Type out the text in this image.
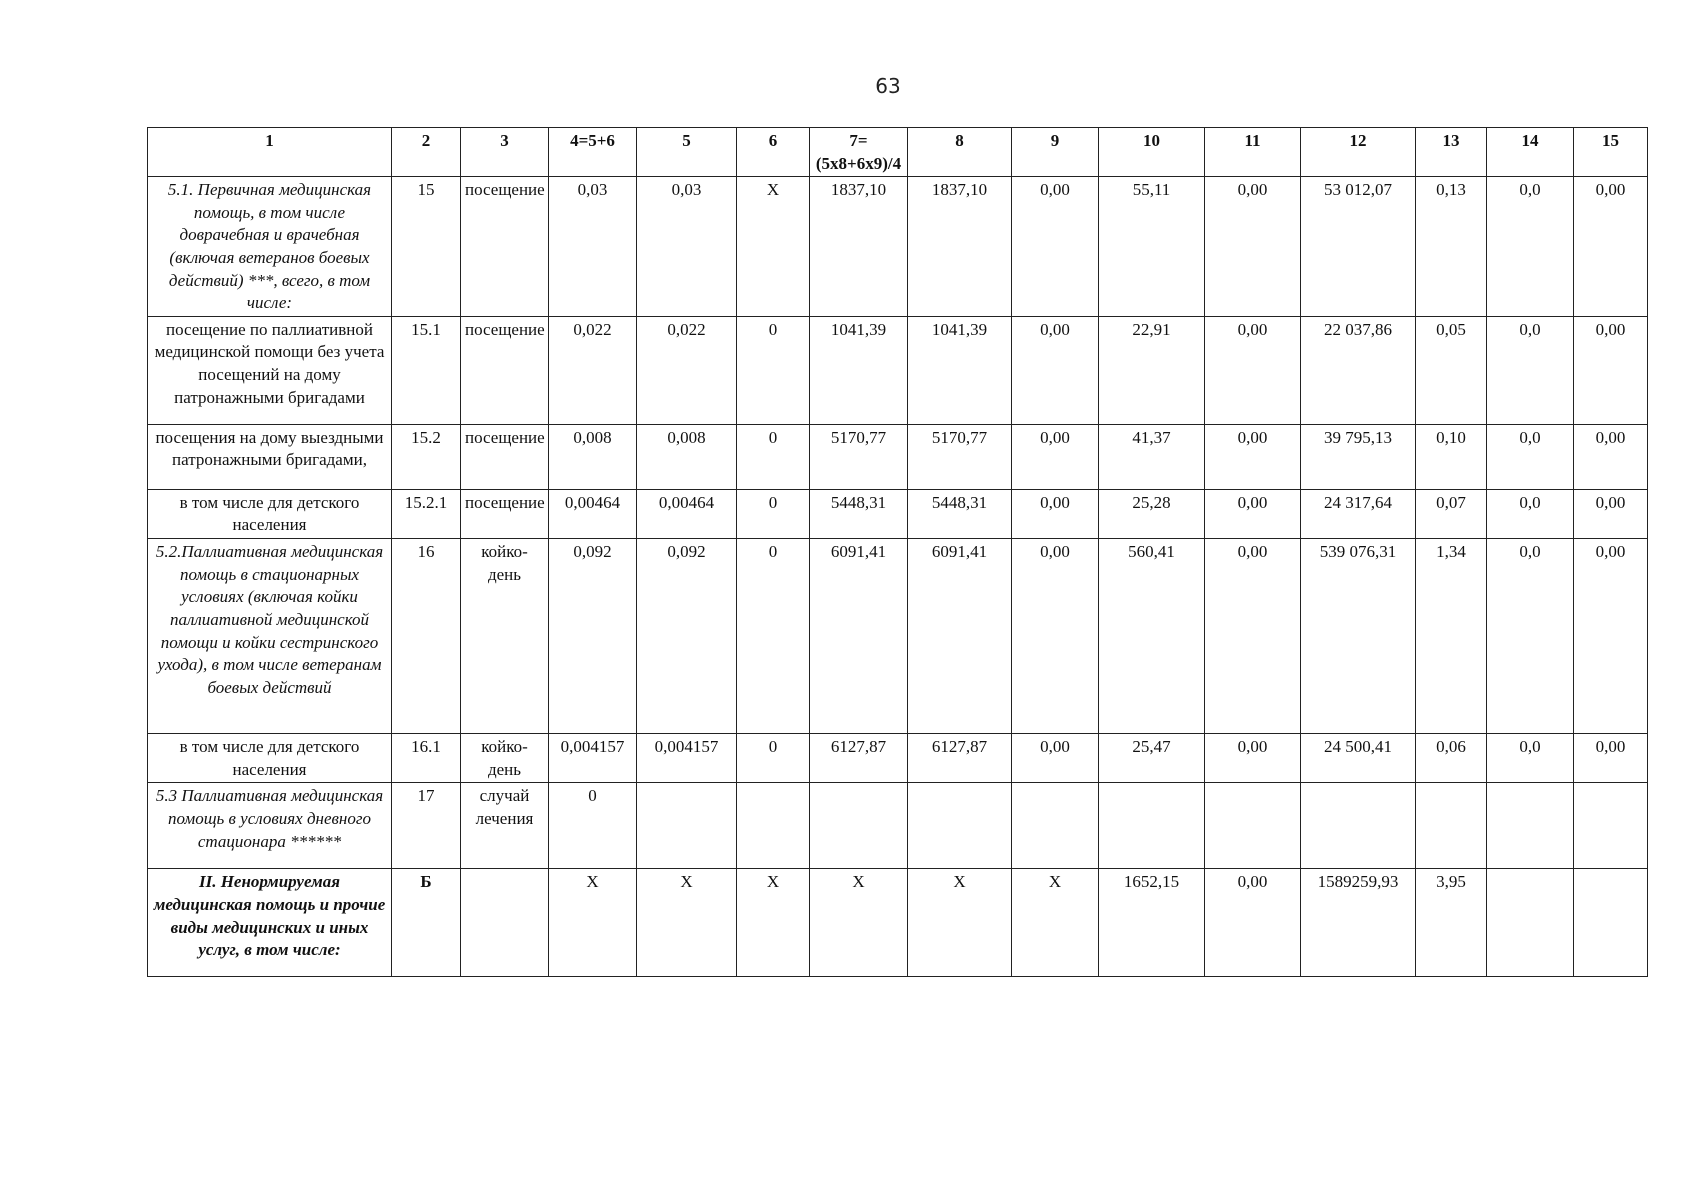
63
1	2	3	4=5+6	5	6	7=(5х8+6х9)/4	8	9	10	11	12	13	14	15
5.1. Первичная медицинская помощь, в том числе доврачебная и врачебная (включая ветеранов боевых действий) ***, всего, в том числе:	15	посещение	0,03	0,03	Х	1837,10	1837,10	0,00	55,11	0,00	53 012,07	0,13	0,0	0,00
посещение по паллиативной медицинской помощи без учета посещений на дому патронажными бригадами	15.1	посещение	0,022	0,022	0	1041,39	1041,39	0,00	22,91	0,00	22 037,86	0,05	0,0	0,00
посещения на дому выездными патронажными бригадами,	15.2	посещение	0,008	0,008	0	5170,77	5170,77	0,00	41,37	0,00	39 795,13	0,10	0,0	0,00
в том числе для детского населения	15.2.1	посещение	0,00464	0,00464	0	5448,31	5448,31	0,00	25,28	0,00	24 317,64	0,07	0,0	0,00
5.2.Паллиативная медицинская помощь в стационарных условиях (включая койки паллиативной медицинской помощи и койки сестринского ухода), в том числе ветеранам боевых действий	16	койко-день	0,092	0,092	0	6091,41	6091,41	0,00	560,41	0,00	539 076,31	1,34	0,0	0,00
в том числе для детского населения	16.1	койко-день	0,004157	0,004157	0	6127,87	6127,87	0,00	25,47	0,00	24 500,41	0,06	0,0	0,00
5.3 Паллиативная медицинская помощь в условиях дневного стационара ******	17	случай лечения	0											
II. Ненормируемая медицинская помощь и прочие виды медицинских и иных услуг, в том числе:	Б		Х	Х	Х	Х	Х	Х	1652,15	0,00	1589259,93	3,95		
